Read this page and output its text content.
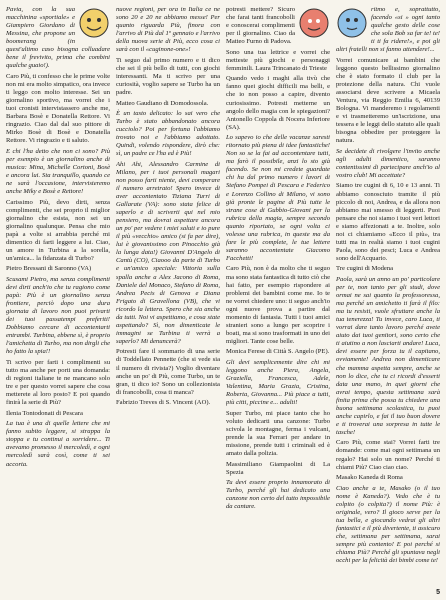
Pavia, con la sua macchinina «sportiale» e Giampiero Giordano di Messina, che propone un boomerang (in quest'ultimo caso bisogna colluadare bene il frevivito, prima che combini qualche guaio!).

Caro Più, ti confesso che le prime volte non mi era molto simpatico, ora invece ti leggo con molto interesse. Sei un giornalino sportivo, ma vorrei che i tuoi cronisti intervistassero anche me, Barbara Bosè e Donatella Rettore. Vi ringrazio. Ciao dal dal suo pittore di Mirko Bosè di Bosè e Donatella Rettore. Vi ringrazio e ti saluto.

E chi l'ha detto che non ci sono? Più per esempio è un giornalino anche di musica: Mina, Michelle Cortoni, Bosè e ancora lui. Sta tranquillo, quando ce ne sarà l'occasione, intervisteremo anche Miky e Bosè e Rettore!

Carissimo Più, devo dirti, senza complimenti, che sei proprio il miglior giornalino che esista, non sei un giornalino qualunque. Pensa che mio papà a volte si arrabbia perché mi dimentico di farti leggere a lui. Ciao, un amore in Turbina a la sorella, un'amica... la fidanzata di Turbo?

Pietro Bressani di Saronno (VA)

Scusami Pietro, ma senza complimenti devi dirti anch'io che tu ragiono come papà: Più è un giornalino senza frontiere, perciò dopo una dura giornata di lavoro non puoi privarti dei tuoi passatempi preferiti! Dobbiamo cercare di accontentarti entrambi. Turbina, ebbene sì, è proprio l'amichetta di Turbo, ma non dirgli che ho fatto la spia!!

Ti scrivo per farti i complimenti su tutto ma anche per porti una domanda: di regioni italiane te ne mancano solo tre e per questo vorrei sapere che cosa metterete al loro posto? E poi quando finirà la serie di Più?

Ilenia Tontodonati di Pescara

La tua è una di quelle lettere che mi fanno subito leggere, si strappa la stoppa e tu continui a sorridere... Ti avevamo promesso il mercoledì, e ogni mercoledì sarà così, come ti sei accorta.

nuove regioni, per ora in Italia ce ne sono 20 e 20 ne abbiamo messe! Per quanto riguarda Più, finora con l'arrivo di Più dal 1º gennaio e l'arrivo della nuova serie di Più, ecco cosa ci sarà con il «cuginone-one»!

Ti seguo dal primo numero e ti dico che sei il più bello di tutti, con giochi interessanti. Ma ti scrivo per una curiosità, voglio sapere se Turbo ha un padre.

Matteo Gaudiano di Domodossola.

È un tasto delicato: lo sai vero che Turbo è stato abbandonato ancora cucciolo? Poi per fortuna l'abbiamo trovato noi e l'abbiamo adottato. Quindi, volendo rispondere, dirò che: sì, un padre ce l'ha ed è Più!

Ahi Ahi, Alessandro Carmine di Milano, per i tuoi personali magari non posso farti niente, devi comperare il numero arretrato! Spero invece di aver accontentato Tiziana Turri di Gallarate (VA): sono stata felice di saperlo e di scriverti qui nel mio pensiero, ma dovrai aspettare ancora un po' per vedere i miei saluti e io pure il più «vecchio» amico (si fa per dire), lui è giovanissimo con Pinocchio già la lunga data!) Giovanni D'Angelo di Cantù (CO), Ciaooo da parte di Turbo e un'amico speciale: Vittoria sulla spalla anche a Alex Jacono di Roma, Daniele del Monaco, Stefano di Roma, Andrea Pecis di Genova e Diana Frigato di Gravellona (VB), che vi ricordo la lettera. Spero che sia anche da tutti. Noi vi aspettiamo, e cosa state aspettando? Sì, non dimenticate le immagini se Turbina ti verrà a saperlo? Mi denuncerà?

Potresti fare il sommario di una serie di Toddellato Pennette (che si vede sia il numero di rivista?) Voglio diventare anche un po' di Più, come Turbo, un te gran, ti dico io? Sono un collezionista di francobolli, cosa ti manca?

Fabrizio Treves di S. Vincent (AO).

potresti mettere? Sicuro che farai tanti francobolli e conoscerai complimenti per il giornalino. Ciao da Matteo Furno di Padova.

Sono una tua lettrice e vorrei che metteste più giochi e personaggi femminili. Laura Trincanato di Trieste

Quando vedo i maghi alla tivù che fanno quei giochi difficili ma belli, e che io non posso a capire, divento curiosissimo. Potresti metterne un angolo dello magia con le spiegazioni? Antonello Coppola di Nocera Inferiore (SA).

Lo sapevo io che delle vacanze saresti ritornato più piena di idee fantastiche! Non so se la fai ad accontentare tutti, ma farò il possibile, anzi lo sto già facendo. Se non mi credete guardate chi ha dal primo numero i lavori di Stefano Pompei di Pescara e Federico e Lorenzo Collino di Milano, vi sono già pronte le pagine di Più tutte le strane cose di Gubbio-Giovani per la rubrica della magia, sempre secondo quanto riportato, se ogni volta ci volesse una rubrica, in queste ma da fare le più complete, le tue lettere saranno accontentate Giacomo Facchetti!

Caro Più, non è da molto che ti seguo ma sono stata fantastica di tutto ciò che hai fatto, per esempio rispondere ai problemi dei bambini come me. Io te ne vorrei chiedere uno: ti seguo anch'io ogni nuove prova a partire dal momento di fantasia. Tutti i tuoi amici stranieri sono a lungo per scoprire i boati, ma si sono trasformati in uno dei migliori. Tante cose belle.

Monica Ferese di Città S. Angelo (PE).

Gli devi semplicemente dire chi mi leggono anche Piera, Angela, Graziella, Francesca, Adele, Valentina, Maria Grazia, Cristina, Roberta, Giovanna... Più piace a tutti, più citti, piccine e... adulti!

Super Turbo, mi piace tanto che ho voluto dedicarti una canzone: Turbo scivola le montagne, ferma i vulcani, prende la sua Ferrari per andare in missione, prende tutti i criminali ed è amato dalla polizia.

Massimiliano Giampaolini di La Spezia

Tu devi essere proprio innamorato di Turbo, perché gli hai dedicato una canzone non certo del tutto impossibile da cantare.

ritmo e, soprattutto, facendo «si » ogni tanto qualche gesto delle cose che sola Bob sa far te! te! ti ti fa ridere!», e poi gli altri fratelli non si fanno attendere!...

Vorrei comunicare ai bambini che leggono questo bellissimo giornalino che è stato formato il club per la protezione della natura. Chi vuole associarsi deve scrivere a Micaela Ventura, via Reggio Emilia 6, 40139 Bologna. Vi manderemo i regolamenti e vi trasmetteremo un'iscrizione, una tessera e le leggi dello statuto alle quali bisogna obbedire per proteggere la natura.

Se decidete di rivolgere l'invito anche agli adulti dimentico, saranno contentissimi di partecipare anch'io al vostro club! Mi accettate?

Siamo tre cugini di 6, 10 e 13 anni. Ti abbiamo conosciuto tramite il più piccolo di noi, Andrea, e da allora non abbiamo mai smesso di leggerti. Puoi pensare che noi siamo i tuoi veri lettori e siamo affezionati a te. Inoltre, solo noi ci chiamiamo «Ecco il più», tra tutti ma in realtà siamo i tuoi cugini Paola, sono dei pesci; Luca e Andrea sono dell'Acquario.

Tre cugini di Modena

Paola, sarà un anno un po' particolare per te, non tanto per gli studi, dove ormai ne sai quanto la professoressa, ma perché un amichetto ti farà il filo: ma tu resisti, vuole sfruttare anche la tua tenerezza! Tu invece, caro Luca, ti vorrai dare tanto lavoro perché avete aiuto dai tuoi genitori, sono certo che ti aiutino a non lasciarti andare! Luca, devi essere per forza tu il capitano, ovviamente! Andrea non dimenticare che mamma aspetta sempre, anche se non lo dice, che tu ci ricordi d'esserti data una mano, in quei giorni che avrai tempo, questa settimana sarà finita prima che possa tu chiedere una buona settimana scolastica, tu puoi anche capirlo, e fai il tuo buon dovere e ti troverai una sorpresa in tutte le tasche!

Caro Più, come stai? Vorrei farti tre domande: come mai ogni settimana un regalo? Hai solo un nome? Perché ti chiami Più? Ciao ciao ciao.

Masako Kaneda di Roma

Ciao anche a te, Masako (o il tuo nome è Kaneda?). Vedo che è tu colpito (o colpita?) il nome Più: è originale, vero? Il gioco serve per la tua bella, e giocando vedrai gli altri fantastici e il più divertente, ti assicuro che, settimana per settimana, sarai sempre più contento! E poi perché si chiama Più? Perché gli spuntava negli occhi per la felicità dei bimbi come te!

5
